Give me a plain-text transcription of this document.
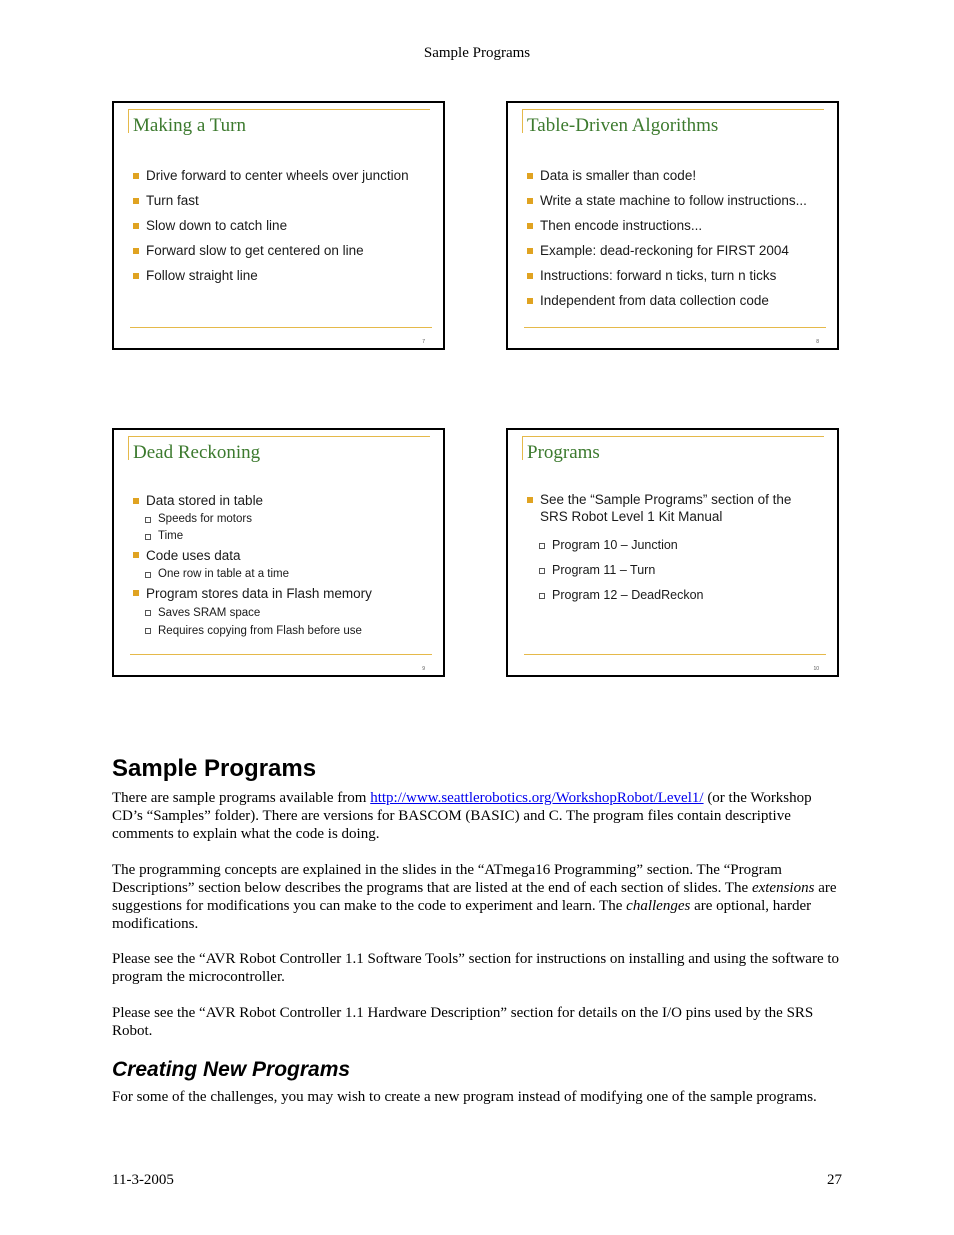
Sample Programs
Making a Turn
Drive forward to center wheels over junction
Turn fast
Slow down to catch line
Forward slow to get centered on line
Follow straight line
7
Table-Driven Algorithms
Data is smaller than code!
Write a state machine to follow instructions...
Then encode instructions...
Example: dead-reckoning for FIRST 2004
Instructions: forward n ticks, turn n ticks
Independent from data collection code
8
Dead Reckoning
Data stored in table
Speeds for motors
Time
Code uses data
One row in table at a time
Program stores data in Flash memory
Saves SRAM space
Requires copying from Flash before use
9
Programs
See the “Sample Programs” section of the
SRS Robot Level 1 Kit Manual
Program 10 – Junction
Program 11 – Turn
Program 12 – DeadReckon
10
Sample Programs

There are sample programs available from http://www.seattlerobotics.org/WorkshopRobot/Level1/ (or the Workshop CD’s “Samples” folder). There are versions for BASCOM (BASIC) and C. The program files contain descriptive comments to explain what the code is doing.

The programming concepts are explained in the slides in the “ATmega16 Programming” section. The “Program Descriptions” section below describes the programs that are listed at the end of each section of slides. The extensions are suggestions for modifications you can make to the code to experiment and learn. The challenges are optional, harder modifications.

Please see the “AVR Robot Controller 1.1 Software Tools” section for instructions on installing and using the software to program the microcontroller.

Please see the “AVR Robot Controller 1.1 Hardware Description” section for details on the I/O pins used by the SRS Robot.

Creating New Programs

For some of the challenges, you may wish to create a new program instead of modifying one of the sample programs.

11-3-2005	27
